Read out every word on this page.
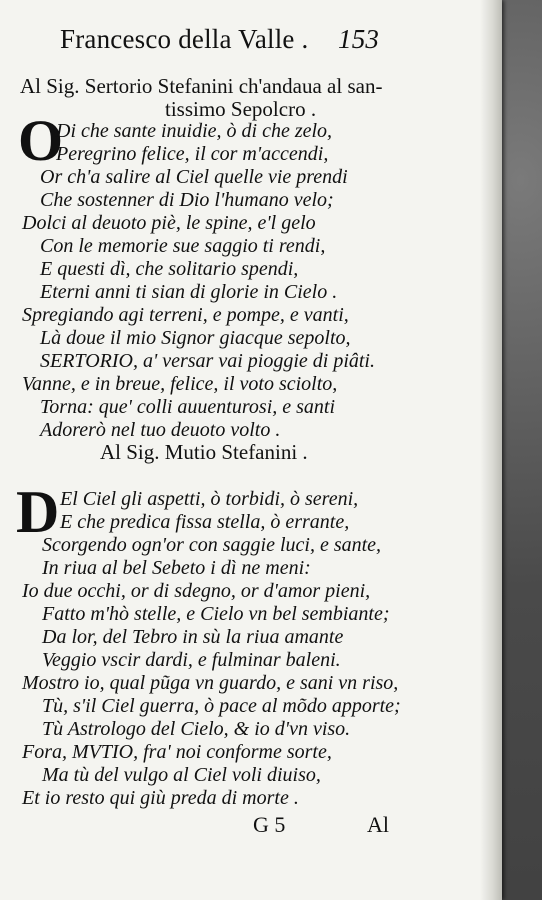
Francesco della Valle . 153
Al Sig. Sertorio Stefanini ch'andaua al san-
tissimo Sepolcro .
O
Di che sante inuidie, ò di che zelo,
Peregrino felice, il cor m'accendi,
Or ch'a salire al Ciel quelle vie prendi
Che sostenner di Dio l'humano velo;
Dolci al deuoto piè, le spine, e'l gelo
Con le memorie sue saggio ti rendi,
E questi dì, che solitario spendi,
Eterni anni ti sian di glorie in Cielo .
Spregiando agi terreni, e pompe, e vanti,
Là doue il mio Signor giacque sepolto,
SERTORIO, a' versar vai pioggie di piâti.
Vanne, e in breue, felice, il voto sciolto,
Torna: que' colli auuenturosi, e santi
Adorerò nel tuo deuoto volto .
Al Sig. Mutio Stefanini .
D El Ciel gli aspetti, ò torbidi, ò sereni,
E che predica fissa stella, ò errante,
Scorgendo ogn'or con saggie luci, e sante,
In riua al bel Sebeto i dì ne meni:
Io due occhi, or di sdegno, or d'amor pieni,
Fatto m'hò stelle, e Cielo vn bel sembiante;
Da lor, del Tebro in sù la riua amante
Veggio vscir dardi, e fulminar baleni.
Mostro io, qual pũga vn guardo, e sani vn riso,
Tù, s'il Ciel guerra, ò pace al mõdo apporte;
Tù Astrologo del Cielo, & io d'vn viso.
Fora, MVTIO, fra' noi conforme sorte,
Ma tù del vulgo al Ciel voli diuiso,
Et io resto qui giù preda di morte .
G 5	Al
